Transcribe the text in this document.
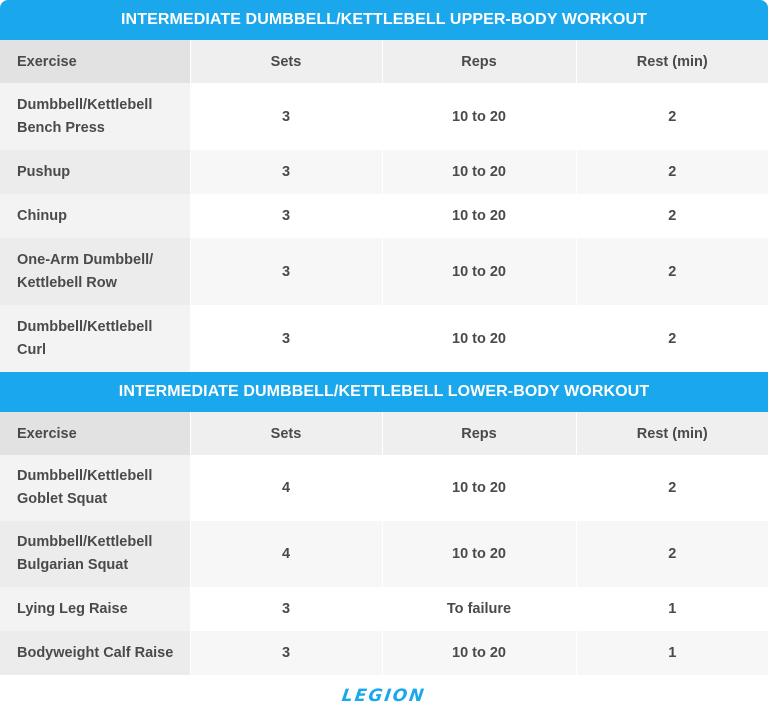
INTERMEDIATE DUMBBELL/KETTLEBELL UPPER-BODY WORKOUT
Exercise	Sets	Reps	Rest (min)
Dumbbell/Kettlebell
Bench Press	3	10 to 20	2
Pushup	3	10 to 20	2
Chinup	3	10 to 20	2
One-Arm Dumbbell/
Kettlebell Row	3	10 to 20	2
Dumbbell/Kettlebell
Curl	3	10 to 20	2
INTERMEDIATE DUMBBELL/KETTLEBELL LOWER-BODY WORKOUT
Exercise	Sets	Reps	Rest (min)
Dumbbell/Kettlebell
Goblet Squat	4	10 to 20	2
Dumbbell/Kettlebell
Bulgarian Squat	4	10 to 20	2
Lying Leg Raise	3	To failure	1
Bodyweight Calf Raise	3	10 to 20	1
LEGION
